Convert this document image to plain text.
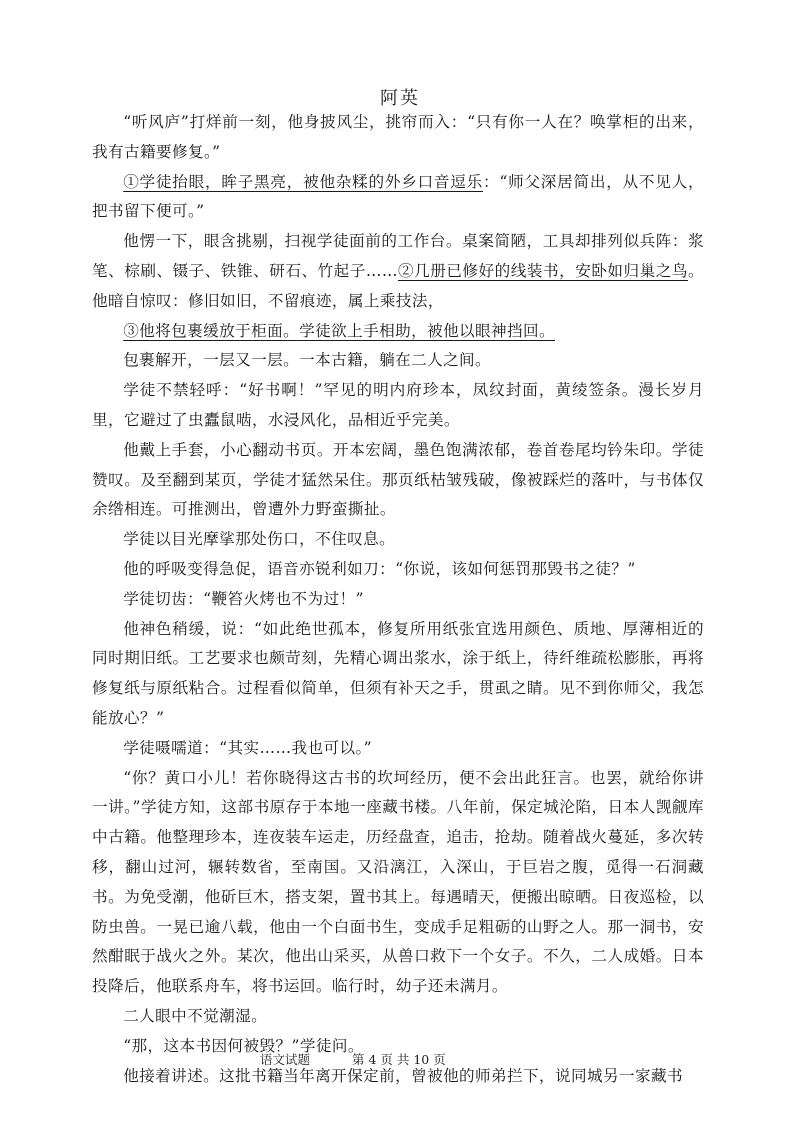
阿英

“听风庐”打烊前一刻，他身披风尘，挑帘而入：“只有你一人在？唤掌柜的出来，我有古籍要修复。”

①学徒抬眼，眸子黑亮，被他杂糅的外乡口音逗乐：“师父深居简出，从不见人，把书留下便可。”

他愣一下，眼含挑剔，扫视学徒面前的工作台。桌案简陋，工具却排列似兵阵：浆笔、棕刷、镊子、铁锥、研石、竹起子……②几册已修好的线装书，安卧如归巢之鸟。他暗自惊叹：修旧如旧，不留痕迹，属上乘技法，

③他将包裹缓放于柜面。学徒欲上手相助，被他以眼神挡回。

包裹解开，一层又一层。一本古籍，躺在二人之间。

学徒不禁轻呼：“好书啊！”罕见的明内府珍本，凤纹封面，黄绫签条。漫长岁月里，它避过了虫蠹鼠啮，水浸风化，品相近乎完美。

他戴上手套，小心翻动书页。开本宏阔，墨色饱满浓郁，卷首卷尾均钤朱印。学徒赞叹。及至翻到某页，学徒才猛然呆住。那页纸枯皱残破，像被踩烂的落叶，与书体仅余绺相连。可推测出，曾遭外力野蛮撕扯。

学徒以目光摩挲那处伤口，不住叹息。

他的呼吸变得急促，语音亦锐利如刀：“你说，该如何惩罚那毁书之徒？”

学徒切齿：“鞭笞火烤也不为过！”

他神色稍缓，说：“如此绝世孤本，修复所用纸张宜选用颜色、质地、厚薄相近的同时期旧纸。工艺要求也颇苛刻，先精心调出浆水，涂于纸上，待纤维疏松膨胀，再将修复纸与原纸粘合。过程看似简单，但须有补天之手，贯虱之睛。见不到你师父，我怎能放心？”

学徒嗫嚅道：“其实……我也可以。”

“你？黄口小儿！若你晓得这古书的坎坷经历，便不会出此狂言。也罢，就给你讲一讲。”学徒方知，这部书原存于本地一座藏书楼。八年前，保定城沦陷，日本人觊觎库中古籍。他整理珍本，连夜装车运走，历经盘查，追击，抢劫。随着战火蔓延，多次转移，翻山过河，辗转数省，至南国。又沿漓江，入深山，于巨岩之腹，觅得一石洞藏书。为免受潮，他斫巨木，搭支架，置书其上。每遇晴天，便搬出晾晒。日夜巡检，以防虫兽。一晃已逾八载，他由一个白面书生，变成手足粗砺的山野之人。那一洞书，安然酣眠于战火之外。某次，他出山采买，从兽口救下一个女子。不久，二人成婚。日本投降后，他联系舟车，将书运回。临行时，幼子还未满月。

二人眼中不觉潮湿。

“那，这本书因何被毁？”学徒问。

他接着讲述。这批书籍当年离开保定前，曾被他的师弟拦下，说同城另一家藏书

语文试题	第 4 页 共 10 页
